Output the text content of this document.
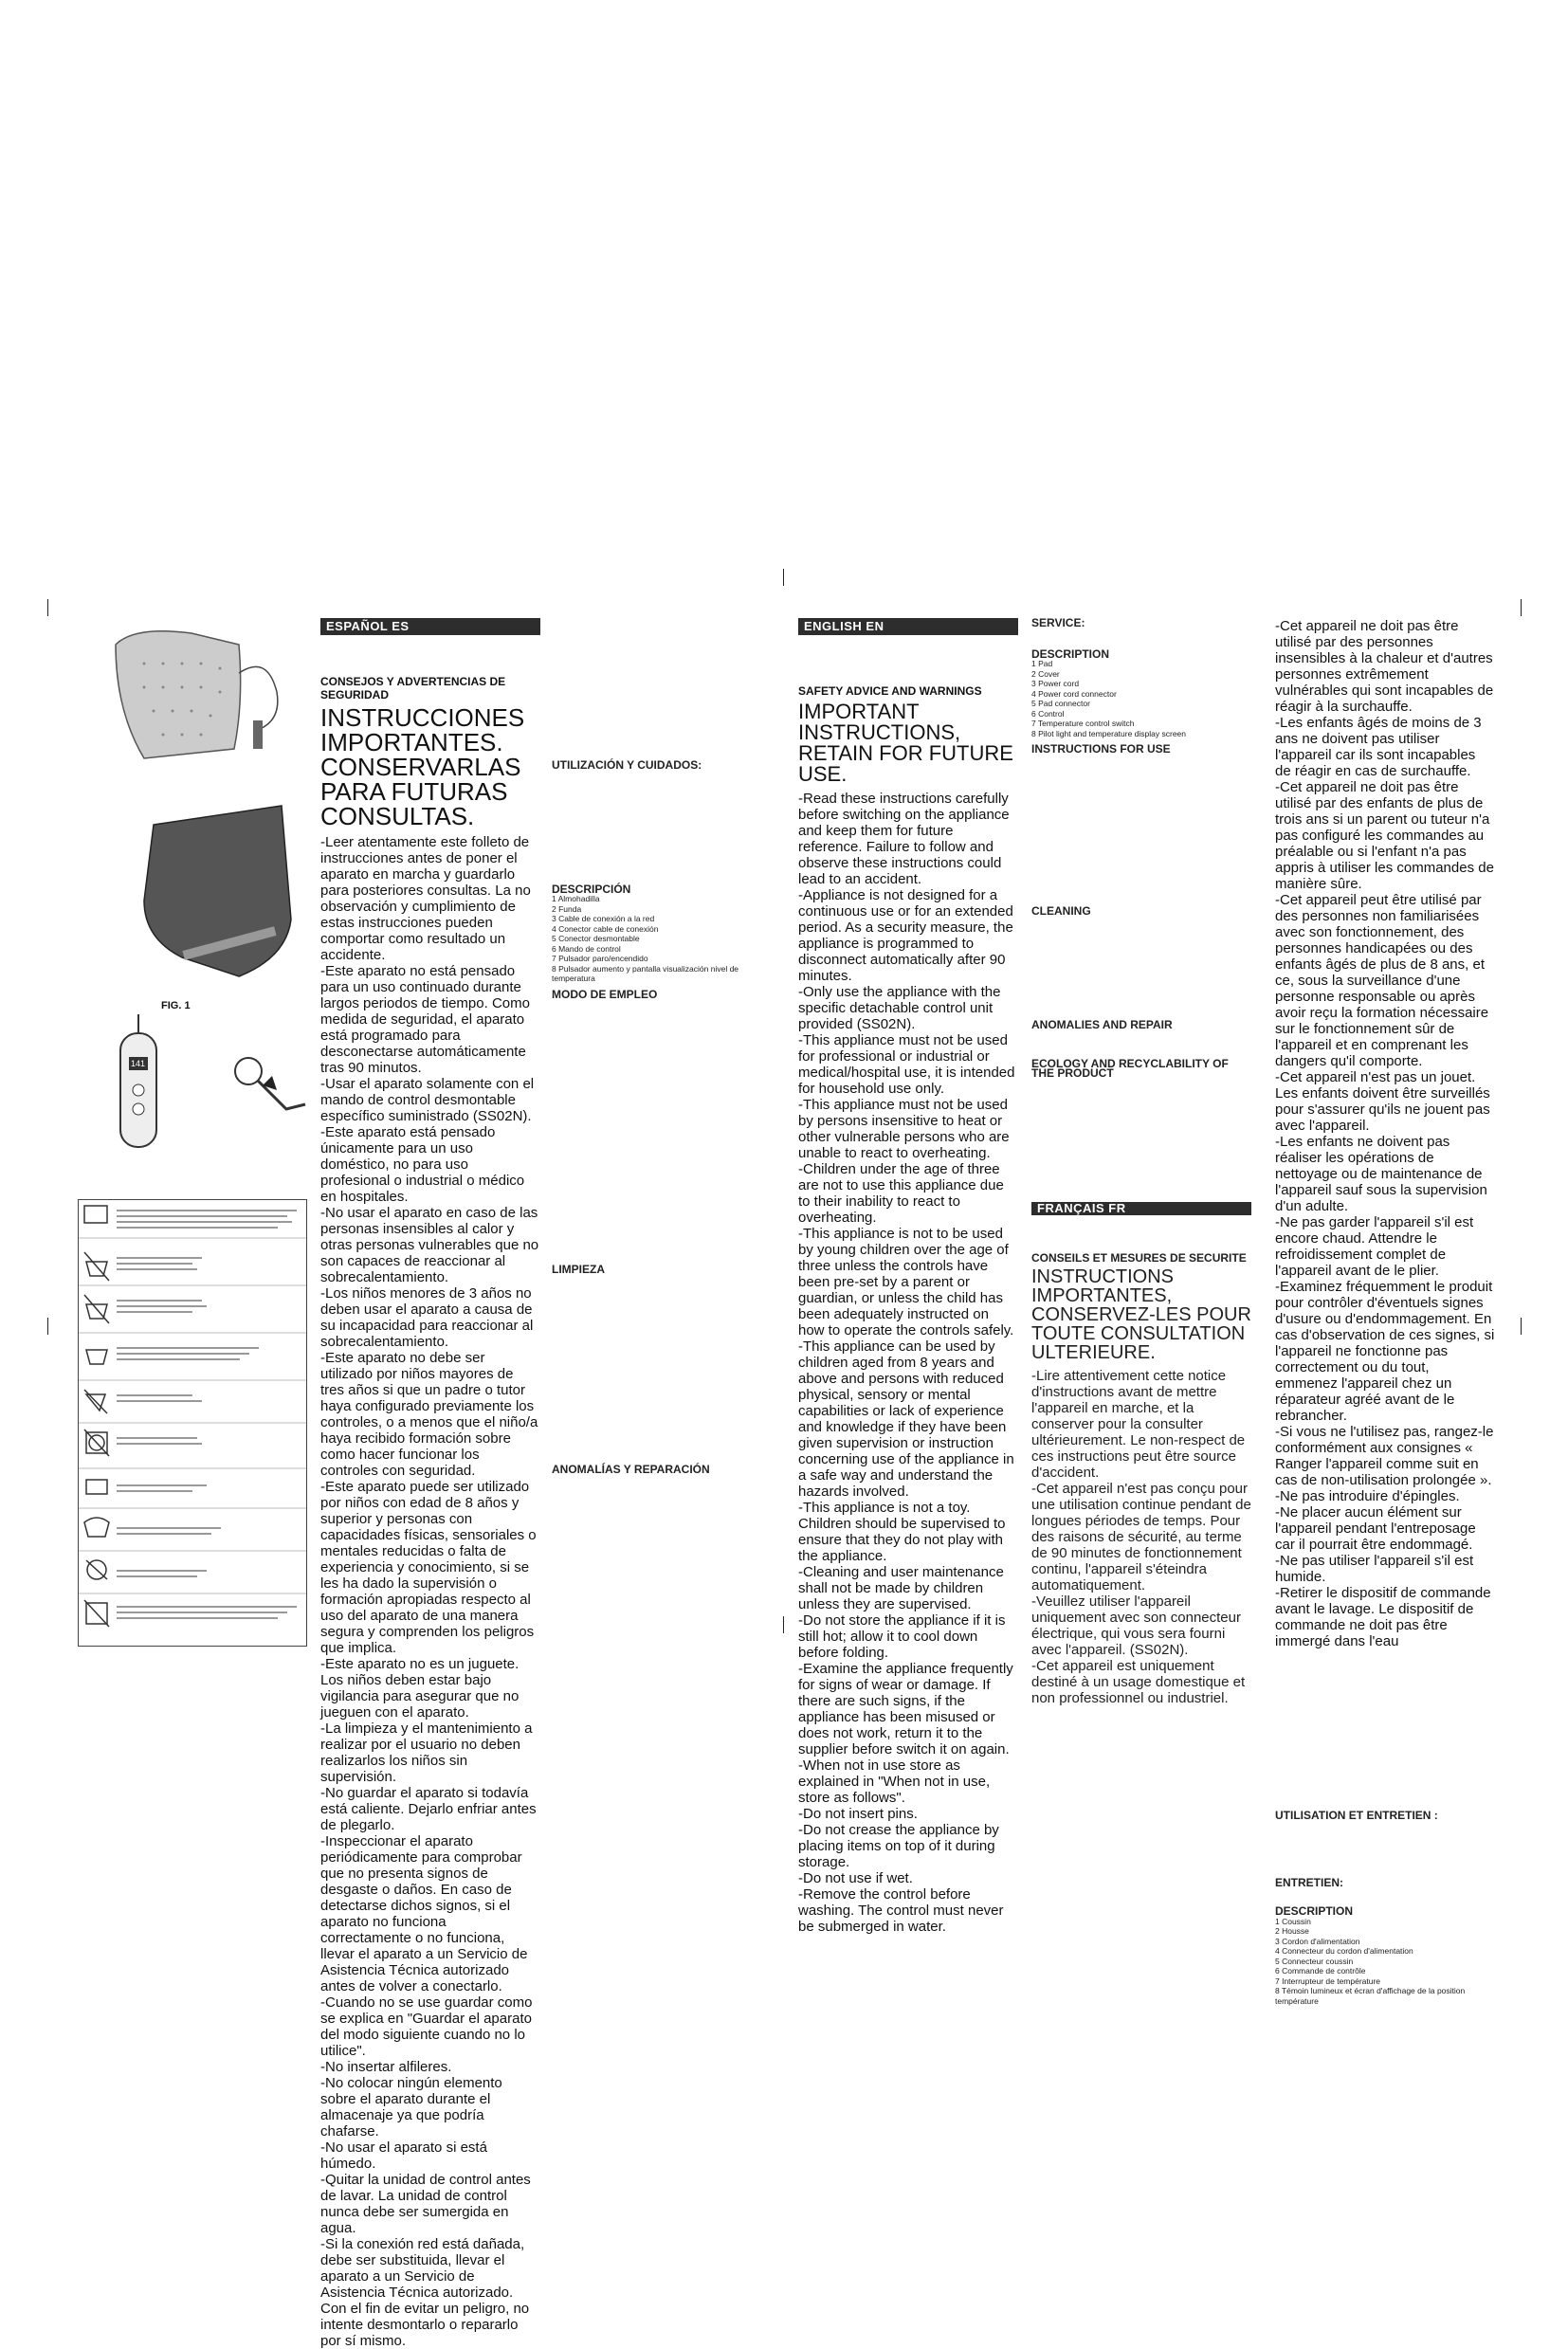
FIG. 1
141
ESPAÑOL ES
CONSEJOS Y ADVERTENCIAS DE SEGURIDAD
INSTRUCCIONES IMPORTANTES. CONSERVARLAS PARA FUTURAS CONSULTAS.
-Leer atentamente este folleto de instrucciones antes de poner el aparato en marcha y guardarlo para posteriores consultas. La no observación y cumplimiento de estas instrucciones pueden comportar como resultado un accidente.
-Este aparato no está pensado para un uso continuado durante largos periodos de tiempo. Como medida de seguridad, el aparato está programado para desconectarse automáticamente tras 90 minutos.
-Usar el aparato solamente con el mando de control desmontable específico suministrado (SS02N).
-Este aparato está pensado únicamente para un uso doméstico, no para uso profesional o industrial o médico en hospitales.
-No usar el aparato en caso de las personas insensibles al calor y otras personas vulnerables que no son capaces de reaccionar al sobrecalentamiento.
-Los niños menores de 3 años no deben usar el aparato a causa de su incapacidad para reaccionar al sobrecalentamiento.
-Este aparato no debe ser utilizado por niños mayores de tres años si que un padre o tutor haya configurado previamente los controles, o a menos que el niño/a haya recibido formación sobre como hacer funcionar los controles con seguridad.
-Este aparato puede ser utilizado por niños con edad de 8 años y superior y personas con capacidades físicas, sensoriales o mentales reducidas o falta de experiencia y conocimiento, si se les ha dado la supervisión o formación apropiadas respecto al uso del aparato de una manera segura y comprenden los peligros que implica.
-Este aparato no es un juguete. Los niños deben estar bajo vigilancia para asegurar que no jueguen con el aparato.
-La limpieza y el mantenimiento a realizar por el usuario no deben realizarlos los niños sin supervisión.
-No guardar el aparato si todavía está caliente. Dejarlo enfriar antes de plegarlo.
-Inspeccionar el aparato periódicamente para comprobar que no presenta signos de desgaste o daños. En caso de detectarse dichos signos, si el aparato no funciona correctamente o no funciona, llevar el aparato a un Servicio de Asistencia Técnica autorizado antes de volver a conectarlo.
-Cuando no se use guardar como se explica en "Guardar el aparato del modo siguiente cuando no lo utilice".
-No insertar alfileres.
-No colocar ningún elemento sobre el aparato durante el almacenaje ya que podría chafarse.
-No usar el aparato si está húmedo.
-Quitar la unidad de control antes de lavar. La unidad de control nunca debe ser sumergida en agua.
-Si la conexión red está dañada, debe ser substituida, llevar el aparato a un Servicio de Asistencia Técnica autorizado. Con el fin de evitar un peligro, no intente desmontarlo o repararlo por sí mismo.
UTILIZACIÓN Y CUIDADOS:
DESCRIPCIÓN
1 Almohadilla
2 Funda
3 Cable de conexión a la red
4 Conector cable de conexión
5 Conector desmontable
6 Mando de control
7 Pulsador paro/encendido
8 Pulsador aumento y pantalla visualización nivel de temperatura
MODO DE EMPLEO
LIMPIEZA
ANOMALÍAS Y REPARACIÓN
ENGLISH EN
SAFETY ADVICE AND WARNINGS
IMPORTANT INSTRUCTIONS, RETAIN FOR FUTURE USE.
-Read these instructions carefully before switching on the appliance and keep them for future reference. Failure to follow and observe these instructions could lead to an accident.
-Appliance is not designed for a continuous use or for an extended period. As a security measure, the appliance is programmed to disconnect automatically after 90 minutes.
-Only use the appliance with the specific detachable control unit provided (SS02N).
-This appliance must not be used for professional or industrial or medical/hospital use, it is intended for household use only.
-This appliance must not be used by persons insensitive to heat or other vulnerable persons who are unable to react to overheating.
-Children under the age of three are not to use this appliance due to their inability to react to overheating.
-This appliance is not to be used by young children over the age of three unless the controls have been pre-set by a parent or guardian, or unless the child has been adequately instructed on how to operate the controls safely.
-This appliance can be used by children aged from 8 years and above and persons with reduced physical, sensory or mental capabilities or lack of experience and knowledge if they have been given supervision or instruction concerning use of the appliance in a safe way and understand the hazards involved.
-This appliance is not a toy. Children should be supervised to ensure that they do not play with the appliance.
-Cleaning and user maintenance shall not be made by children unless they are supervised.
-Do not store the appliance if it is still hot; allow it to cool down before folding.
-Examine the appliance frequently for signs of wear or damage. If there are such signs, if the appliance has been misused or does not work, return it to the supplier before switch it on again.
-When not in use store as explained in "When not in use, store as follows".
-Do not insert pins.
-Do not crease the appliance by placing items on top of it during storage.
-Do not use if wet.
-Remove the control before washing. The control must never be submerged in water.
SERVICE:
DESCRIPTION
1 Pad
2 Cover
3 Power cord
4 Power cord connector
5 Pad connector
6 Control
7 Temperature control switch
8 Pilot light and temperature display screen
INSTRUCTIONS FOR USE
CLEANING
ANOMALIES AND REPAIR
ECOLOGY AND RECYCLABILITY OF THE PRODUCT
FRANÇAIS FR
CONSEILS ET MESURES DE SECURITE
INSTRUCTIONS IMPORTANTES, CONSERVEZ-LES POUR TOUTE CONSULTATION ULTERIEURE.
-Lire attentivement cette notice d'instructions avant de mettre l'appareil en marche, et la conserver pour la consulter ultérieurement. Le non-respect de ces instructions peut être source d'accident.
-Cet appareil n'est pas conçu pour une utilisation continue pendant de longues périodes de temps. Pour des raisons de sécurité, au terme de 90 minutes de fonctionnement continu, l'appareil s'éteindra automatiquement.
-Veuillez utiliser l'appareil uniquement avec son connecteur électrique, qui vous sera fourni avec l'appareil. (SS02N).
-Cet appareil est uniquement destiné à un usage domestique et non professionnel ou industriel.
-Cet appareil ne doit pas être utilisé par des personnes insensibles à la chaleur et d'autres personnes extrêmement vulnérables qui sont incapables de réagir à la surchauffe.
-Les enfants âgés de moins de 3 ans ne doivent pas utiliser l'appareil car ils sont incapables de réagir en cas de surchauffe.
-Cet appareil ne doit pas être utilisé par des enfants de plus de trois ans si un parent ou tuteur n'a pas configuré les commandes au préalable ou si l'enfant n'a pas appris à utiliser les commandes de manière sûre.
-Cet appareil peut être utilisé par des personnes non familiarisées avec son fonctionnement, des personnes handicapées ou des enfants âgés de plus de 8 ans, et ce, sous la surveillance d'une personne responsable ou après avoir reçu la formation nécessaire sur le fonctionnement sûr de l'appareil et en comprenant les dangers qu'il comporte.
-Cet appareil n'est pas un jouet. Les enfants doivent être surveillés pour s'assurer qu'ils ne jouent pas avec l'appareil.
-Les enfants ne doivent pas réaliser les opérations de nettoyage ou de maintenance de l'appareil sauf sous la supervision d'un adulte.
-Ne pas garder l'appareil s'il est encore chaud. Attendre le refroidissement complet de l'appareil avant de le plier.
-Examinez fréquemment le produit pour contrôler d'éventuels signes d'usure ou d'endommagement. En cas d'observation de ces signes, si l'appareil ne fonctionne pas correctement ou du tout, emmenez l'appareil chez un réparateur agréé avant de le rebrancher.
-Si vous ne l'utilisez pas, rangez-le conformément aux consignes « Ranger l'appareil comme suit en cas de non-utilisation prolongée ».
-Ne pas introduire d'épingles.
-Ne placer aucun élément sur l'appareil pendant l'entreposage car il pourrait être endommagé.
-Ne pas utiliser l'appareil s'il est humide.
-Retirer le dispositif de commande avant le lavage. Le dispositif de commande ne doit pas être immergé dans l'eau
UTILISATION ET ENTRETIEN :
ENTRETIEN:
DESCRIPTION
1 Coussin
2 Housse
3 Cordon d'alimentation
4 Connecteur du cordon d'alimentation
5 Connecteur coussin
6 Commande de contrôle
7 Interrupteur de température
8 Témoin lumineux et écran d'affichage de la position température
